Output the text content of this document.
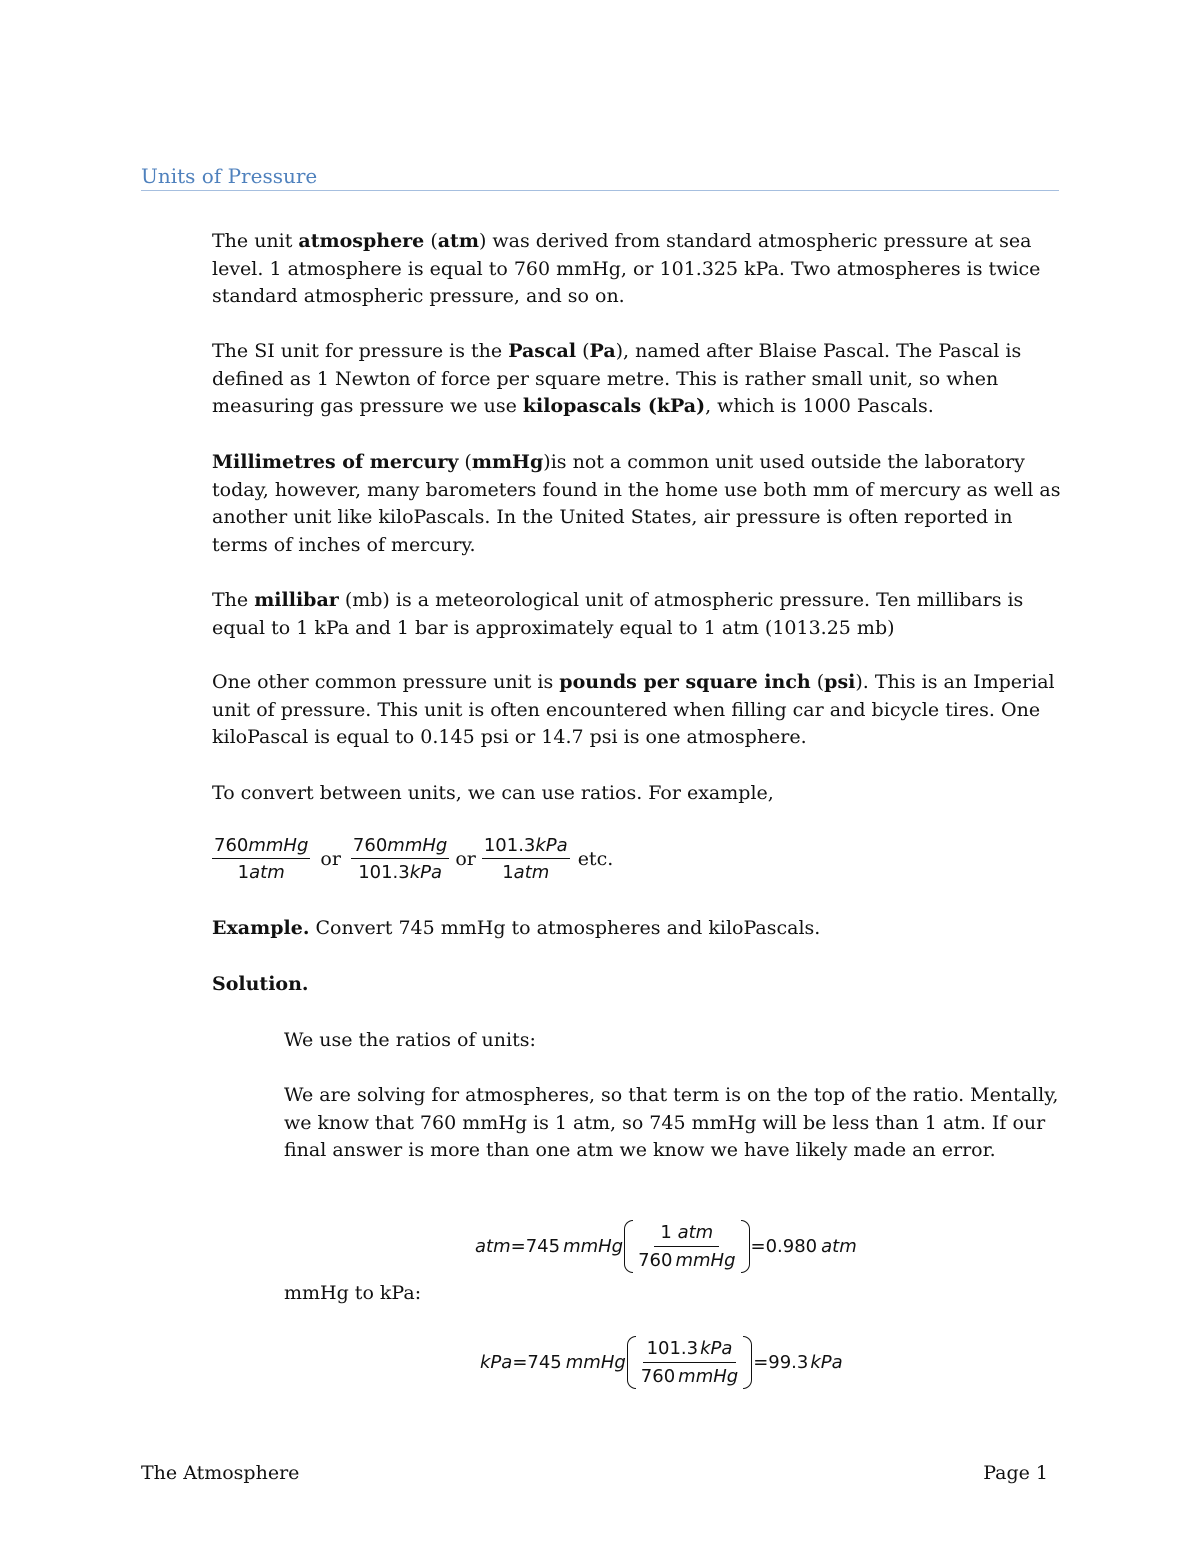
Units of Pressure

The unit atmosphere (atm) was derived from standard atmospheric pressure at sea level. 1 atmosphere is equal to 760 mmHg, or 101.325 kPa. Two atmospheres is twice standard atmospheric pressure, and so on.

The SI unit for pressure is the Pascal (Pa), named after Blaise Pascal. The Pascal is defined as 1 Newton of force per square metre. This is rather small unit, so when measuring gas pressure we use kilopascals (kPa), which is 1000 Pascals.

Millimetres of mercury (mmHg)is not a common unit used outside the laboratory today, however, many barometers found in the home use both mm of mercury as well as another unit like kiloPascals. In the United States, air pressure is often reported in terms of inches of mercury.

The millibar (mb) is a meteorological unit of atmospheric pressure. Ten millibars is equal to 1 kPa and 1 bar is approximately equal to 1 atm (1013.25 mb)

One other common pressure unit is pounds per square inch (psi). This is an Imperial unit of pressure. This unit is often encountered when filling car and bicycle tires. One kiloPascal is equal to 0.145 psi or 14.7 psi is one atmosphere.

To convert between units, we can use ratios. For example,

$\frac{\text{760mmHg}}{\text{1atm}}$ or $\frac{\text{760mmHg}}{\text{101.3kPa}}$ or $\frac{\text{101.3kPa}}{\text{1atm}}$ etc.

Example. Convert 745 mmHg to atmospheres and kiloPascals.

Solution.

We use the ratios of units:

We are solving for atmospheres, so that term is on the top of the ratio. Mentally, we know that 760 mmHg is 1 atm, so 745 mmHg will be less than 1 atm. If our final answer is more than one atm we know we have likely made an error.

atm = 745 mmHg $\frac{\text{1 atm}}{\text{760 mmHg}} = 0.980$ atm

mmHg to kPa:

kPa = 745 mmHg $\frac{\text{101.3 kPa}}{\text{760 mmHg}} = 99.3$ kPa
The Atmosphere	Page 1
